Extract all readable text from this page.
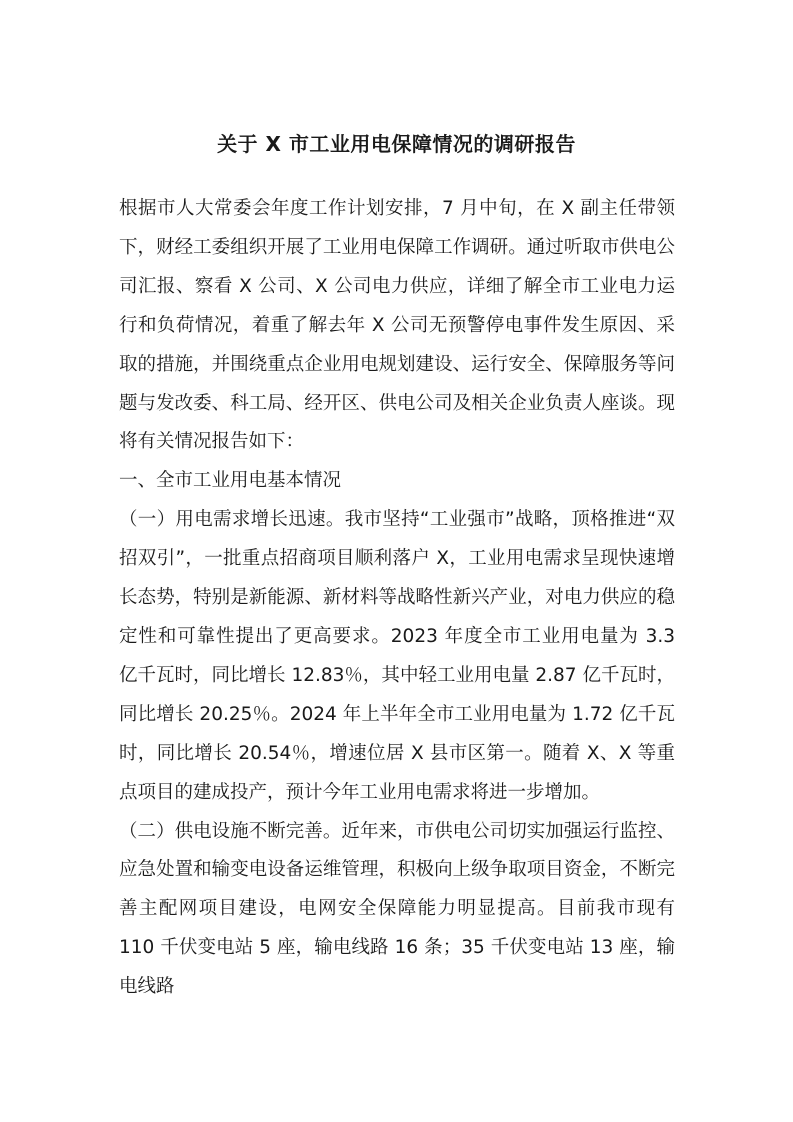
关于 X 市工业用电保障情况的调研报告

根据市人大常委会年度工作计划安排，7 月中旬，在 X 副主任带领下，财经工委组织开展了工业用电保障工作调研。通过听取市供电公司汇报、察看 X 公司、X 公司电力供应，详细了解全市工业电力运行和负荷情况，着重了解去年 X 公司无预警停电事件发生原因、采取的措施，并围绕重点企业用电规划建设、运行安全、保障服务等问题与发改委、科工局、经开区、供电公司及相关企业负责人座谈。现将有关情况报告如下：

一、全市工业用电基本情况

（一）用电需求增长迅速。我市坚持“工业强市”战略，顶格推进“双招双引”，一批重点招商项目顺利落户 X，工业用电需求呈现快速增长态势，特别是新能源、新材料等战略性新兴产业，对电力供应的稳定性和可靠性提出了更高要求。2023 年度全市工业用电量为 3.3 亿千瓦时，同比增长 12.83％，其中轻工业用电量 2.87 亿千瓦时，同比增长 20.25％。2024 年上半年全市工业用电量为 1.72 亿千瓦时，同比增长 20.54％，增速位居 X 县市区第一。随着 X、X 等重点项目的建成投产，预计今年工业用电需求将进一步增加。

（二）供电设施不断完善。近年来，市供电公司切实加强运行监控、应急处置和输变电设备运维管理，积极向上级争取项目资金，不断完善主配网项目建设，电网安全保障能力明显提高。目前我市现有 110 千伏变电站 5 座，输电线路 16 条；35 千伏变电站 13 座，输电线路
